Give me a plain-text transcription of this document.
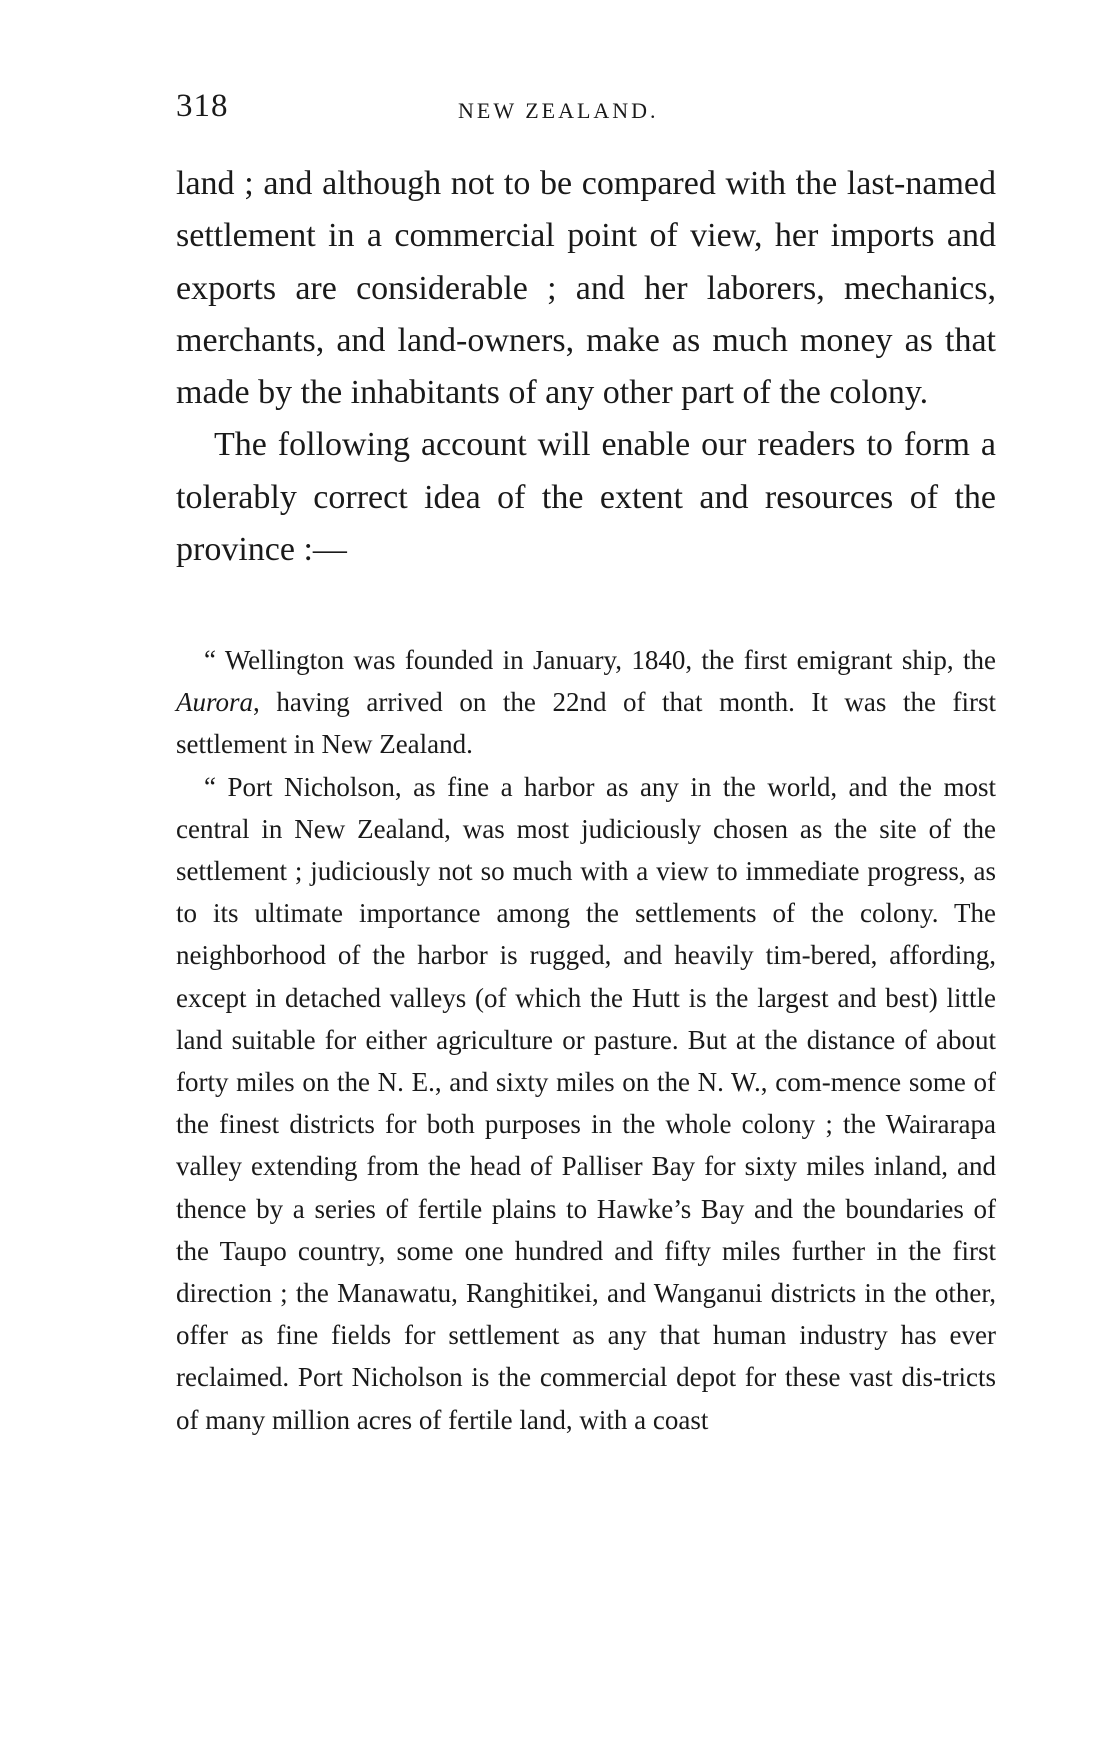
318	NEW ZEALAND.

land ; and although not to be compared with the last-named settlement in a commercial point of view, her imports and exports are considerable ; and her laborers, mechanics, merchants, and land-owners, make as much money as that made by the inhabitants of any other part of the colony.

The following account will enable our readers to form a tolerably correct idea of the extent and resources of the province :—

“ Wellington was founded in January, 1840, the first emigrant ship, the Aurora, having arrived on the 22nd of that month. It was the first settlement in New Zealand.

“ Port Nicholson, as fine a harbor as any in the world, and the most central in New Zealand, was most judiciously chosen as the site of the settlement ; judiciously not so much with a view to immediate progress, as to its ultimate importance among the settlements of the colony. The neighborhood of the harbor is rugged, and heavily tim-bered, affording, except in detached valleys (of which the Hutt is the largest and best) little land suitable for either agriculture or pasture. But at the distance of about forty miles on the N. E., and sixty miles on the N. W., com-mence some of the finest districts for both purposes in the whole colony ; the Wairarapa valley extending from the head of Palliser Bay for sixty miles inland, and thence by a series of fertile plains to Hawke’s Bay and the boundaries of the Taupo country, some one hundred and fifty miles further in the first direction ; the Manawatu, Ranghitikei, and Wanganui districts in the other, offer as fine fields for settlement as any that human industry has ever reclaimed. Port Nicholson is the commercial depot for these vast dis-tricts of many million acres of fertile land, with a coast
